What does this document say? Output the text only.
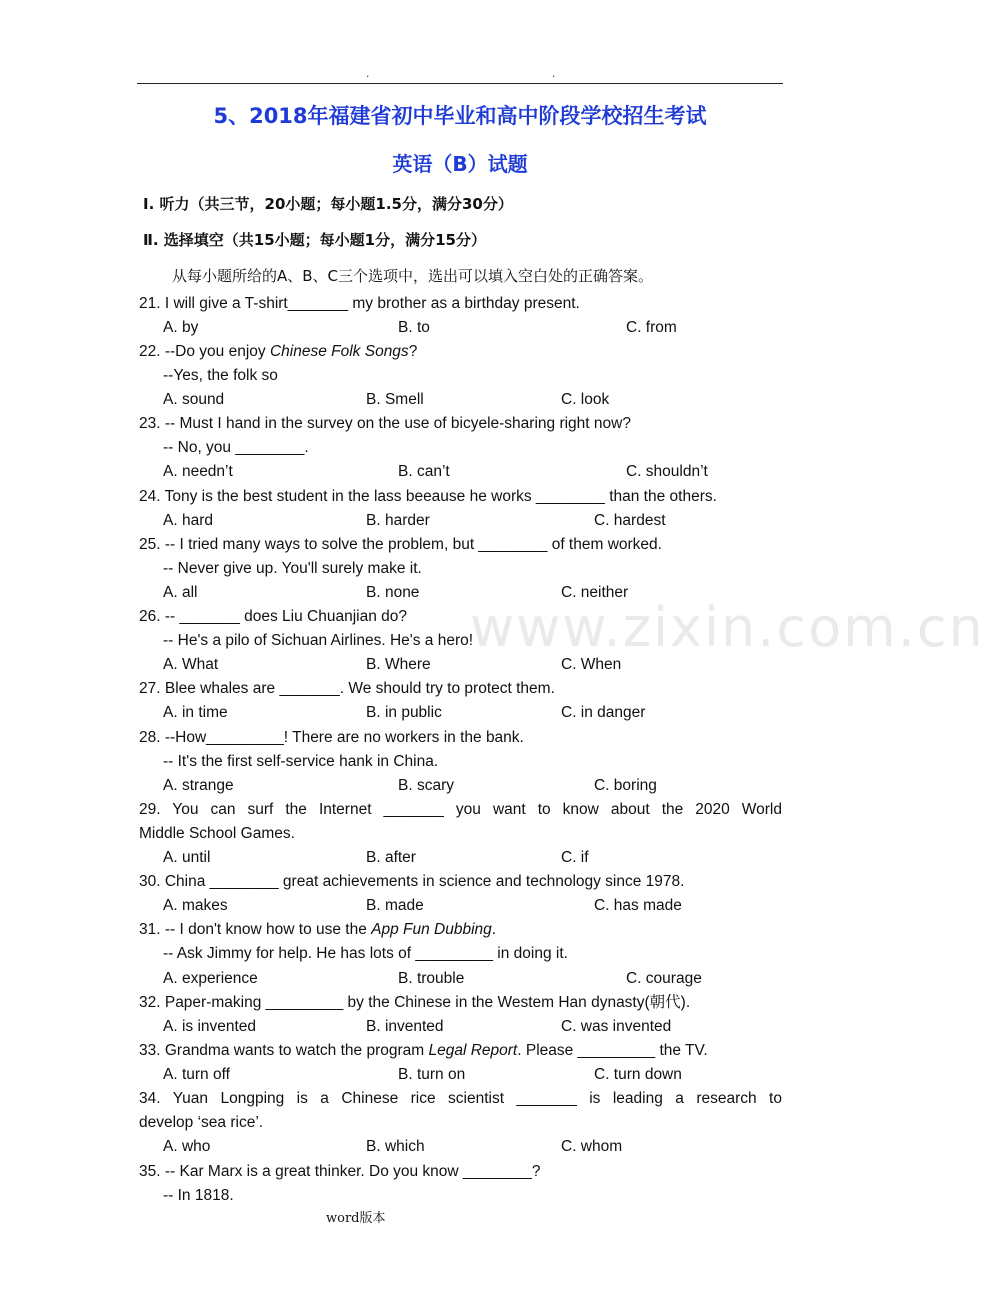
.	.
www.zixin.com.cn
5、2018年福建省初中毕业和高中阶段学校招生考试
英语（B）试题
Ⅰ. 听力（共三节，20小题；每小题1.5分，满分30分）
Ⅱ. 选择填空（共15小题；每小题1分，满分15分）
从每小题所给的A、B、C三个选项中，选出可以填入空白处的正确答案。
21. I will give a T-shirt_______ my brother as a birthday present.
A. by	B. to	C. from
22. --Do you enjoy Chinese Folk Songs?
--Yes, the folk so
A. sound	B. Smell	C. look
23. -- Must I hand in the survey on the use of bicyele-sharing right now?
-- No, you ________.
A. needn’t	B. can’t	C. shouldn’t
24. Tony is the best student in the lass beeause he works ________ than the others.
A. hard	B. harder	C. hardest
25. -- I tried many ways to solve the problem, but ________ of them worked.
-- Never give up. You'll surely make it.
A. all	B. none	C. neither
26. -- _______ does Liu Chuanjian do?
-- He's a pilo of Sichuan Airlines. He's a hero!
A. What	B. Where	C. When
27. Blee whales are _______. We should try to protect them.
A. in time	B. in public	C. in danger
28. --How_________! There are no workers in the bank.
-- It's the first self-service hank in China.
A. strange	B. scary	C. boring
29. You can surf the Internet _______ you want to know about the 2020 World
Middle School Games.
A. until	B. after	C. if
30. China ________ great achievements in science and technology since 1978.
A. makes	B. made	C. has made
31. -- I don't know how to use the App Fun Dubbing.
-- Ask Jimmy for help. He has lots of _________ in doing it.
A. experience	B. trouble	C. courage
32. Paper-making _________ by the Chinese in the Westem Han dynasty(朝代).
A. is invented	B. invented	C. was invented
33. Grandma wants to watch the program Legal Report. Please _________ the TV.
A. turn off	B. turn on	C. turn down
34. Yuan Longping is a Chinese rice scientist _______ is leading a research to
develop ‘sea rice’.
A. who	B. which	C. whom
35. -- Kar Marx is a great thinker. Do you know ________?
-- In 1818.
word版本
